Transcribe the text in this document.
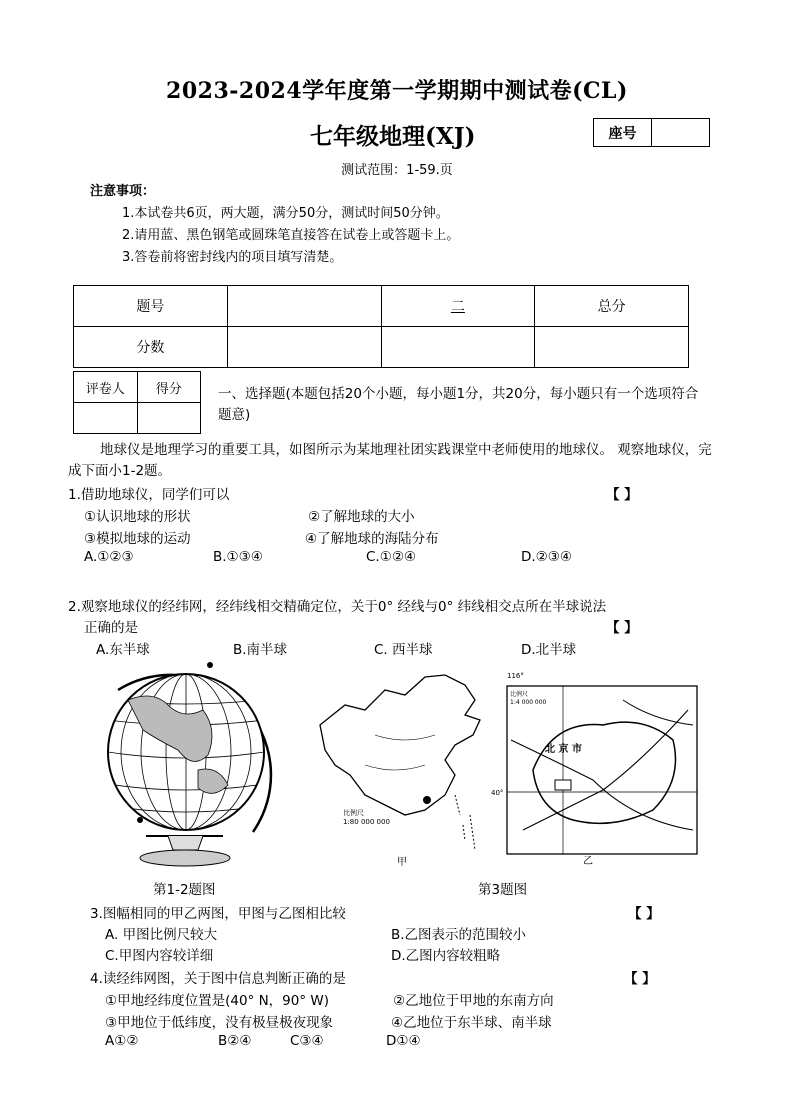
2023-2024学年度第一学期期中测试卷(CL)
七年级地理(XJ)	座号
测试范围：1-59.页
注意事项：
1.本试卷共6页，两大题，满分50分，测试时间50分钟。
2.请用蓝、黑色钢笔或圆珠笔直接答在试卷上或答题卡上。
3.答卷前将密封线内的项目填写清楚。
题号		二	总分
分数			
评卷人	得分
		一、选择题(本题包括20个小题，每小题1分，共20分，每小题只有一个选项符合题意)
地球仪是地理学习的重要工具，如图所示为某地理社团实践课堂中老师使用的地球仪。 观察地球仪，完成下面小1-2题。
1.借助地球仪，同学们可以	【 】
①认识地球的形状	②了解地球的大小
③模拟地球的运动	④了解地球的海陆分布
A.①②③	B.①③④	C.①②④	D.②③④
2.观察地球仪的经纬网，经纬线相交精确定位，关于0° 经线与0° 纬线相交点所在半球说法
正确的是	【 】
A.东半球	B.南半球	C. 西半球	D.北半球
比例尺
1:80 000 000
甲
116°
比例尺
1:4 000 000
北 京 市
40°
乙
第1-2题图	第3题图
3.图幅相同的甲乙两图，甲图与乙图相比较	【 】
A. 甲图比例尺较大	B.乙图表示的范围较小
C.甲图内容较详细	D.乙图内容较粗略
4.读经纬网图，关于图中信息判断正确的是	【 】
①甲地经纬度位置是(40° N，90° W)	②乙地位于甲地的东南方向
③甲地位于低纬度，没有极昼极夜现象	④乙地位于东半球、南半球
A①②	B②④	C③④	D①④
